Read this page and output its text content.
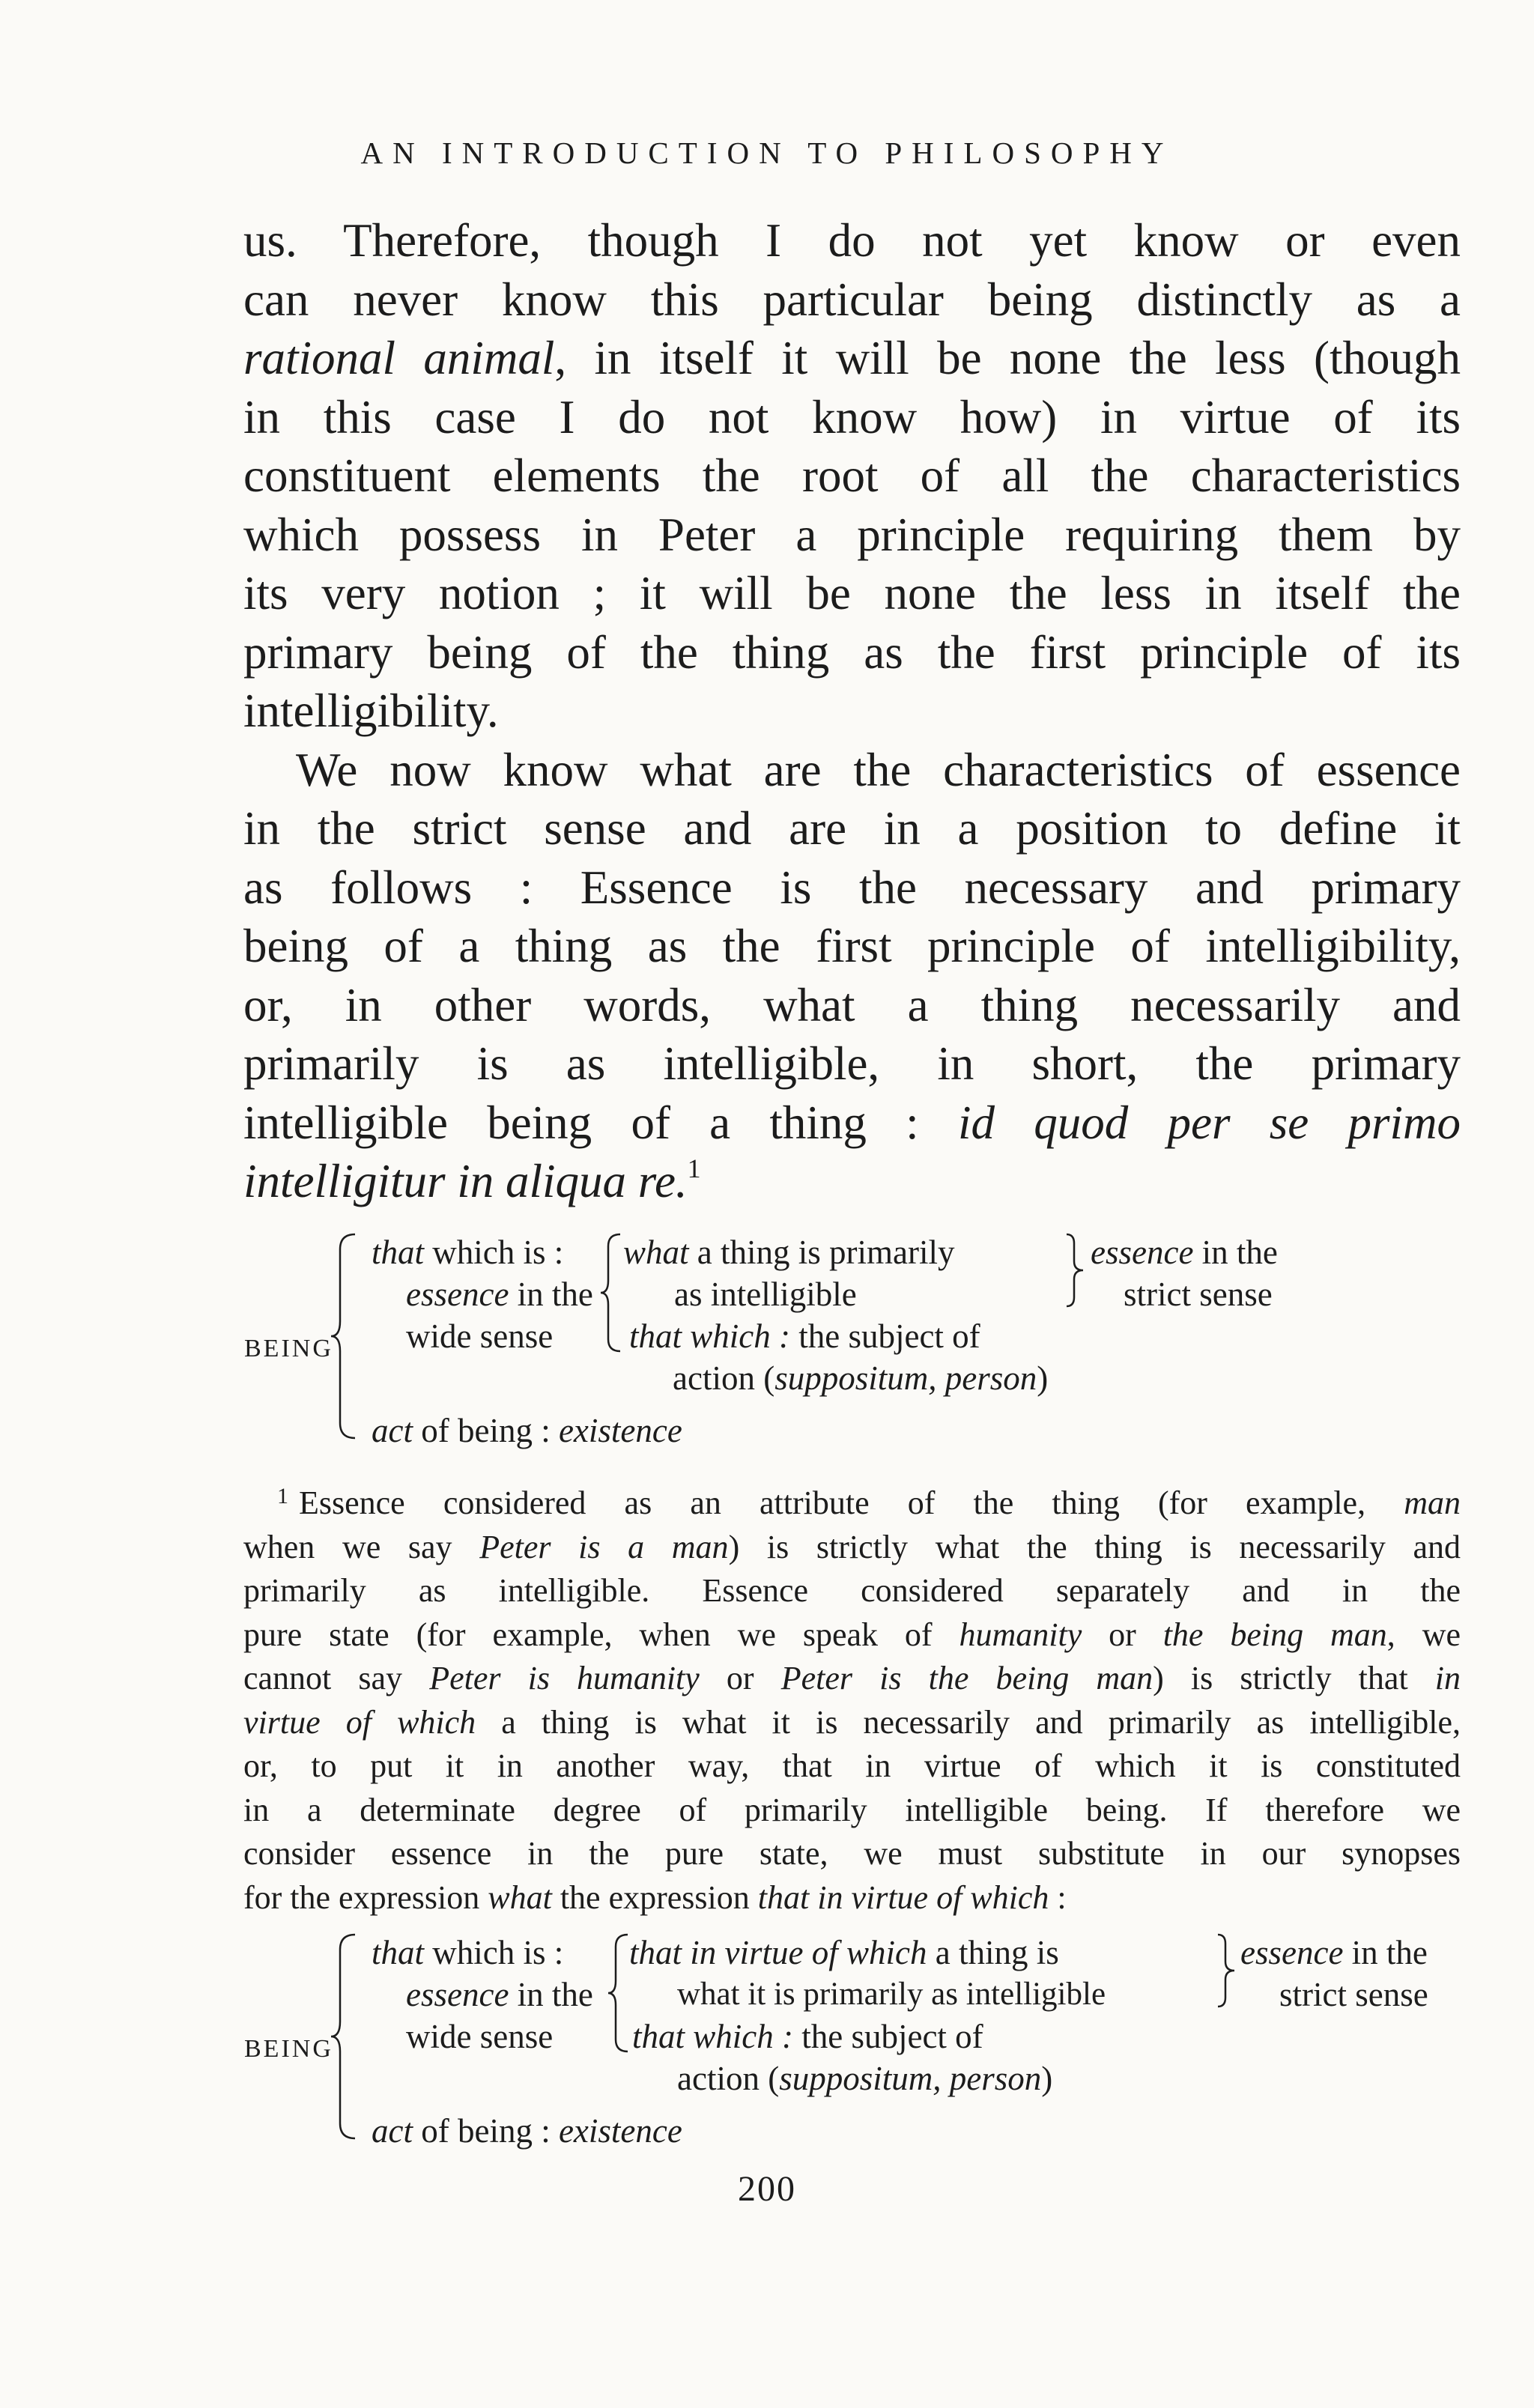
AN INTRODUCTION TO PHILOSOPHY
us. Therefore, though I do not yet know or even
can never know this particular being distinctly as a
rational animal, in itself it will be none the less (though
in this case I do not know how) in virtue of its
constituent elements the root of all the characteristics
which possess in Peter a principle requiring them by
its very notion ; it will be none the less in itself the
primary being of the thing as the first principle of its
intelligibility.
We now know what are the characteristics of essence
in the strict sense and are in a position to define it
as follows : Essence is the necessary and primary
being of a thing as the first principle of intelligibility,
or, in other words, what a thing necessarily and
primarily is as intelligible, in short, the primary
intelligible being of a thing : id quod per se primo
intelligitur in aliqua re.$^1$
BEING
that which is :
essence in the
wide sense
what a thing is primarily
as intelligible
that which : the subject of
action (suppositum, person)
essence in the
strict sense
act of being : existence
$^1$ Essence considered as an attribute of the thing (for example, man
when we say Peter is a man) is strictly what the thing is necessarily and
primarily as intelligible. Essence considered separately and in the
pure state (for example, when we speak of humanity or the being man, we
cannot say Peter is humanity or Peter is the being man) is strictly that in
virtue of which a thing is what it is necessarily and primarily as intelligible,
or, to put it in another way, that in virtue of which it is constituted
in a determinate degree of primarily intelligible being. If therefore we
consider essence in the pure state, we must substitute in our synopses
for the expression what the expression that in virtue of which :
BEING
that which is :
essence in the
wide sense
that in virtue of which a thing is
what it is primarily as intelligible
that which : the subject of
action (suppositum, person)
essence in the
strict sense
act of being : existence
200
